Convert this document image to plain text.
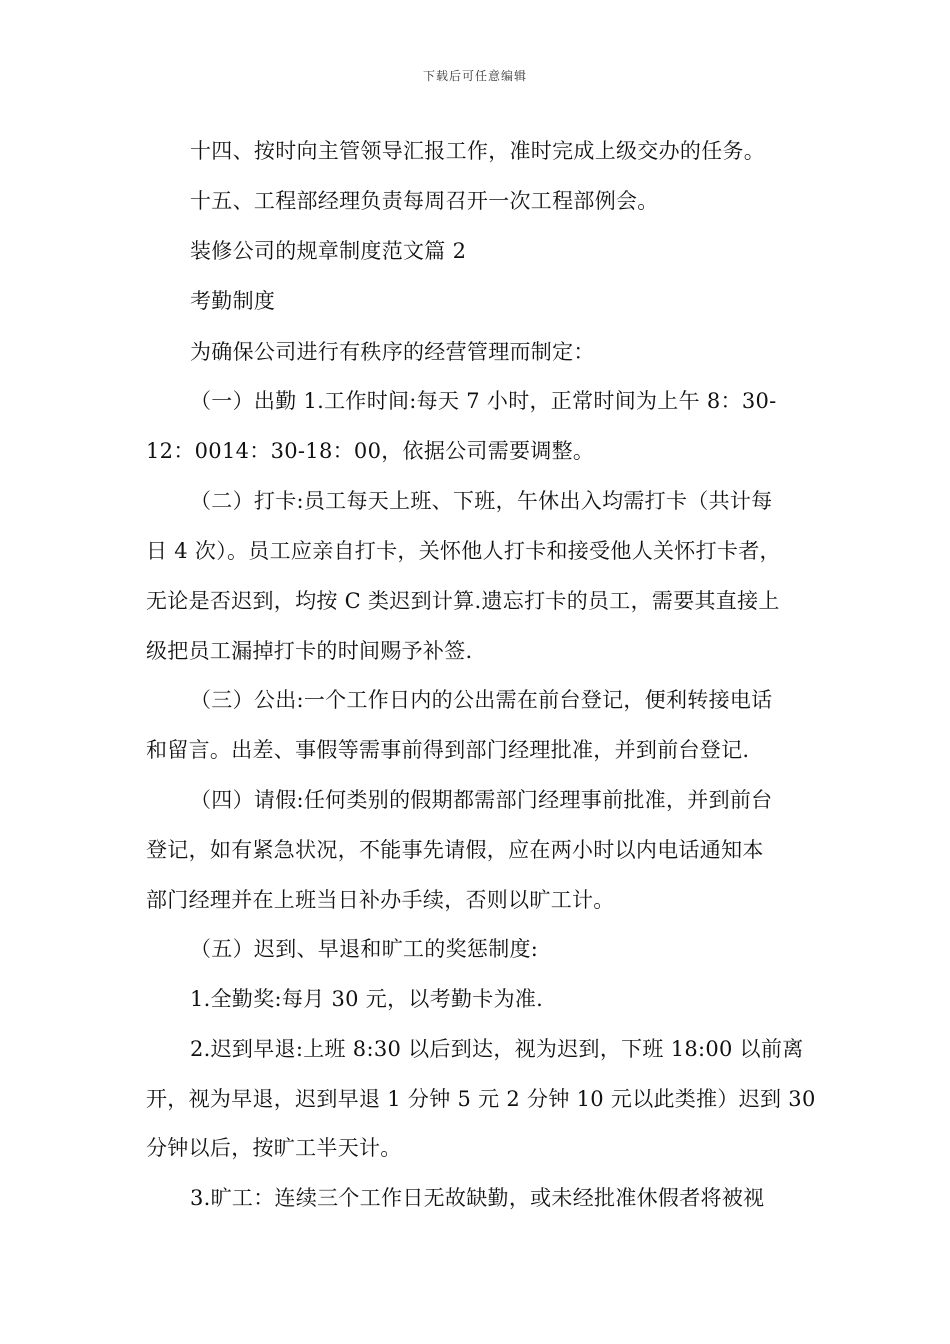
下载后可任意编辑
十四、按时向主管领导汇报工作，准时完成上级交办的任务。
十五、工程部经理负责每周召开一次工程部例会。
装修公司的规章制度范文篇 2
考勤制度
为确保公司进行有秩序的经营管理而制定：
（一）出勤 1.工作时间:每天 7 小时，正常时间为上午 8：30-
12：0014：30-18：00，依据公司需要调整。
（二）打卡:员工每天上班、下班，午休出入均需打卡（共计每
日 4 次）。员工应亲自打卡，关怀他人打卡和接受他人关怀打卡者，
无论是否迟到，均按 C 类迟到计算.遗忘打卡的员工，需要其直接上
级把员工漏掉打卡的时间赐予补签.
（三）公出:一个工作日内的公出需在前台登记，便利转接电话
和留言。出差、事假等需事前得到部门经理批准，并到前台登记.
（四）请假:任何类别的假期都需部门经理事前批准，并到前台
登记，如有紧急状况，不能事先请假，应在两小时以内电话通知本
部门经理并在上班当日补办手续，否则以旷工计。
（五）迟到、早退和旷工的奖惩制度:
1.全勤奖:每月 30 元，以考勤卡为准.
2.迟到早退:上班 8:30 以后到达，视为迟到，下班 18:00 以前离
开，视为早退，迟到早退 1 分钟 5 元 2 分钟 10 元以此类推）迟到 30
分钟以后，按旷工半天计。
3.旷工：连续三个工作日无故缺勤，或未经批准休假者将被视
